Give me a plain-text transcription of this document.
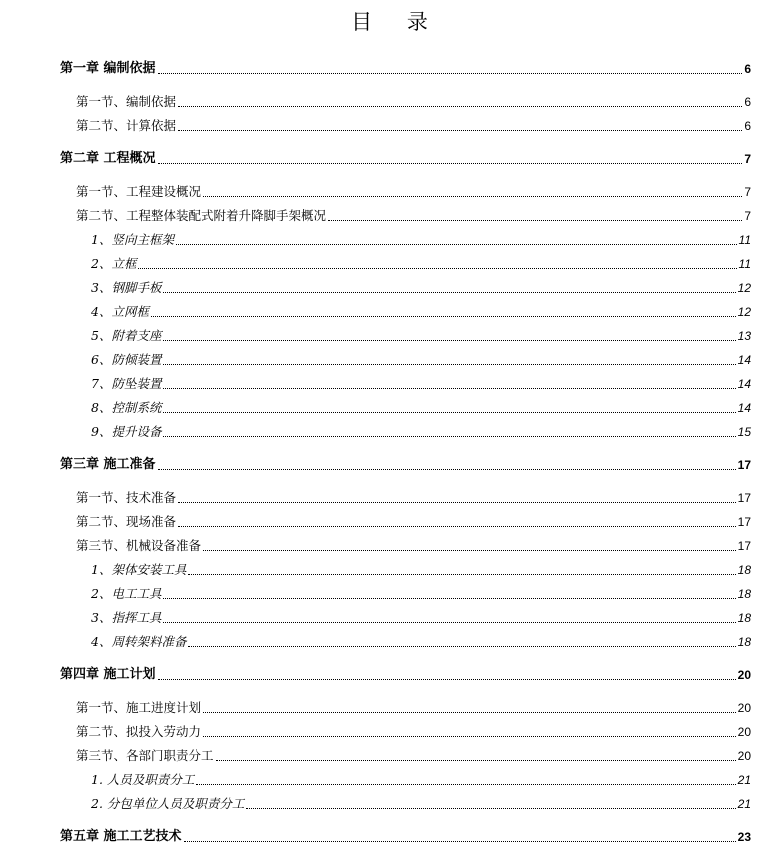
目 录
第一章 编制依据	6
第一节、编制依据	6
第二节、计算依据	6
第二章 工程概况	7
第一节、工程建设概况	7
第二节、工程整体装配式附着升降脚手架概况	7
1、竖向主框架	11
2、立框	11
3、钢脚手板	12
4、立网框	12
5、附着支座	13
6、防倾装置	14
7、防坠装置	14
8、控制系统	14
9、提升设备	15
第三章 施工准备	17
第一节、技术准备	17
第二节、现场准备	17
第三节、机械设备准备	17
1、架体安装工具	18
2、电工工具	18
3、指挥工具	18
4、周转架料准备	18
第四章 施工计划	20
第一节、施工进度计划	20
第二节、拟投入劳动力	20
第三节、各部门职责分工	20
1. 人员及职责分工	21
2. 分包单位人员及职责分工	21
第五章 施工工艺技术	23
